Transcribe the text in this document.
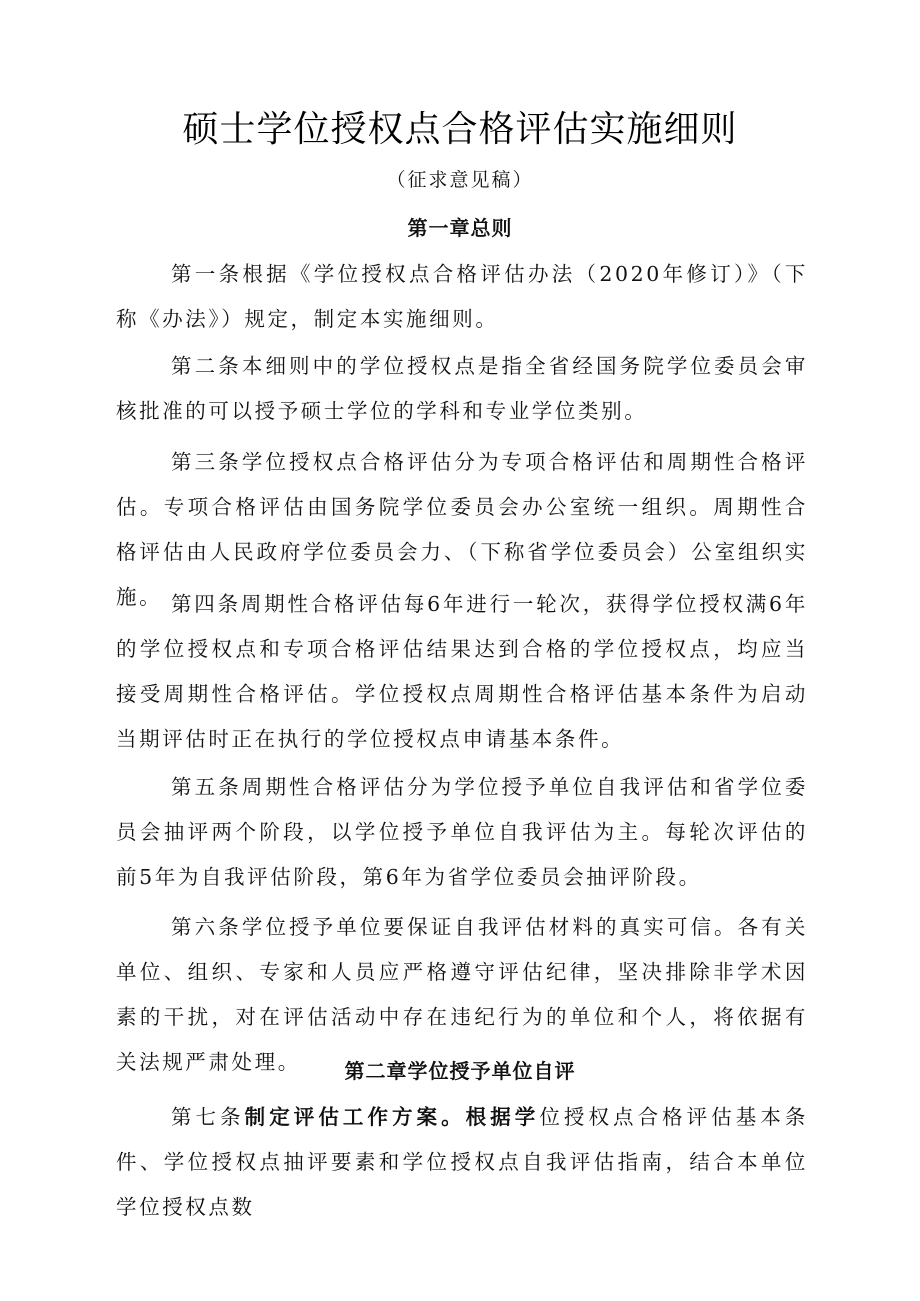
硕士学位授权点合格评估实施细则
（征求意见稿）
第一章总则

第一条根据《学位授权点合格评估办法（2020年修订）》（下称《办法》）规定，制定本实施细则。

第二条本细则中的学位授权点是指全省经国务院学位委员会审核批准的可以授予硕士学位的学科和专业学位类别。

第三条学位授权点合格评估分为专项合格评估和周期性合格评估。专项合格评估由国务院学位委员会办公室统一组织。周期性合格评估由人民政府学位委员会力、（下称省学位委员会）公室组织实施。 第四条周期性合格评估每6年进行一轮次，获得学位授权满6年的学位授权点和专项合格评估结果达到合格的学位授权点，均应当接受周期性合格评估。学位授权点周期性合格评估基本条件为启动当期评估时正在执行的学位授权点申请基本条件。

第五条周期性合格评估分为学位授予单位自我评估和省学位委员会抽评两个阶段，以学位授予单位自我评估为主。每轮次评估的前5年为自我评估阶段，第6年为省学位委员会抽评阶段。

第六条学位授予单位要保证自我评估材料的真实可信。各有关单位、组织、专家和人员应严格遵守评估纪律，坚决排除非学术因素的干扰，对在评估活动中存在违纪行为的单位和个人，将依据有关法规严肃处理。	第二章学位授予单位自评

第七条制定评估工作方案。根据学位授权点合格评估基本条件、学位授权点抽评要素和学位授权点自我评估指南，结合本单位学位授权点数
